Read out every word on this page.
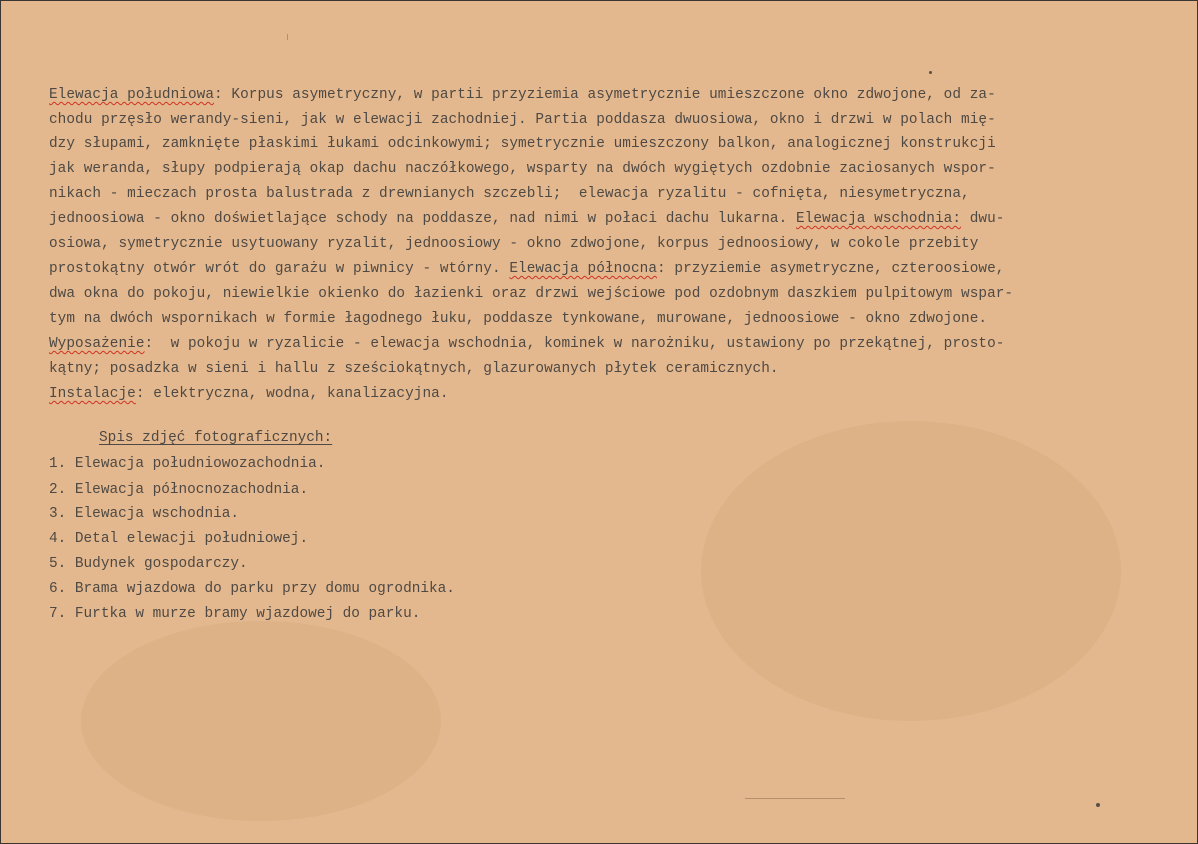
Elewacja południowa: Korpus asymetryczny, w partii przyziemia asymetrycznie umieszczone okno zdwojone, od za-
chodu przęsło werandy-sieni, jak w elewacji zachodniej. Partia poddasza dwuosiowa, okno i drzwi w polach mię-
dzy słupami, zamknięte płaskimi łukami odcinkowymi; symetrycznie umieszczony balkon, analogicznej konstrukcji
jak weranda, słupy podpierają okap dachu naczółkowego, wsparty na dwóch wygiętych ozdobnie zaciosanych wspor-
nikach - mieczach prosta balustrada z drewnianych szczebli;  elewacja ryzalitu - cofnięta, niesymetryczna,
jednoosiowa - okno doświetlające schody na poddasze, nad nimi w połaci dachu lukarna. Elewacja wschodnia: dwu-
osiowa, symetrycznie usytuowany ryzalit, jednoosiowy - okno zdwojone, korpus jednoosiowy, w cokole przebity
prostokątny otwór wrót do garażu w piwnicy - wtórny. Elewacja północna: przyziemie asymetryczne, czteroosiowe,
dwa okna do pokoju, niewielkie okienko do łazienki oraz drzwi wejściowe pod ozdobnym daszkiem pulpitowym wspar-
tym na dwóch wspornikach w formie łagodnego łuku, poddasze tynkowane, murowane, jednoosiowe - okno zdwojone.
Wyposażenie:  w pokoju w ryzalicie - elewacja wschodnia, kominek w narożniku, ustawiony po przekątnej, prosto-
kątny; posadzka w sieni i hallu z sześciokątnych, glazurowanych płytek ceramicznych.
Instalacje: elektryczna, wodna, kanalizacyjna.
Spis zdjęć fotograficznych:
1. Elewacja południowozachodnia.
2. Elewacja północnozachodnia.
3. Elewacja wschodnia.
4. Detal elewacji południowej.
5. Budynek gospodarczy.
6. Brama wjazdowa do parku przy domu ogrodnika.
7. Furtka w murze bramy wjazdowej do parku.
